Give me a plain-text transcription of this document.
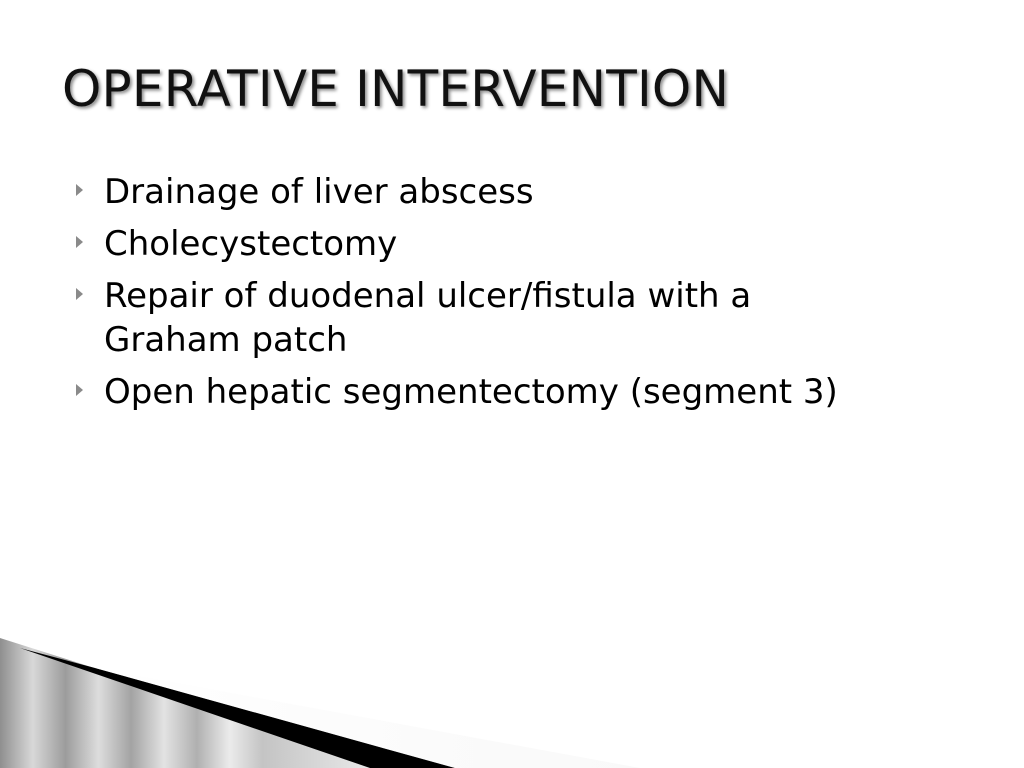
OPERATIVE INTERVENTION
Drainage of liver abscess
Cholecystectomy
Repair of duodenal ulcer/fistula with a Graham patch
Open hepatic segmentectomy (segment 3)
